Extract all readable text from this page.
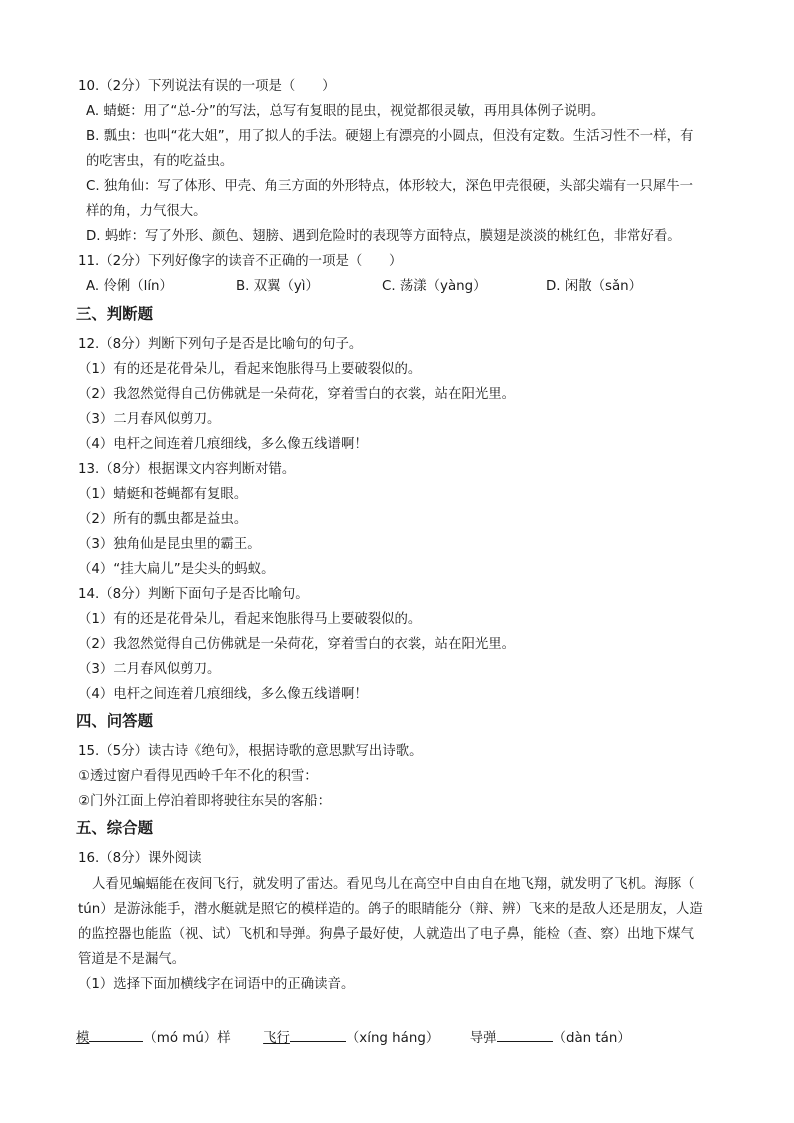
10.（2分）下列说法有误的一项是（　　）
A. 蜻蜓：用了“总-分”的写法，总写有复眼的昆虫，视觉都很灵敏，再用具体例子说明。
B. 瓢虫：也叫“花大姐”，用了拟人的手法。硬翅上有漂亮的小圆点，但没有定数。生活习性不一样，有
的吃害虫，有的吃益虫。
C. 独角仙：写了体形、甲壳、角三方面的外形特点，体形较大，深色甲壳很硬，头部尖端有一只犀牛一
样的角，力气很大。
D. 蚂蚱：写了外形、颜色、翅膀、遇到危险时的表现等方面特点，膜翅是淡淡的桃红色，非常好看。
11.（2分）下列好像字的读音不正确的一项是（　　）
A. 伶俐（lín）	B. 双翼（yì）	C. 荡漾（yàng）	D. 闲散（sǎn）
三、判断题
12.（8分）判断下列句子是否是比喻句的句子。
（1）有的还是花骨朵儿，看起来饱胀得马上要破裂似的。
（2）我忽然觉得自己仿佛就是一朵荷花，穿着雪白的衣裳，站在阳光里。
（3）二月春风似剪刀。
（4）电杆之间连着几痕细线，多么像五线谱啊！
13.（8分）根据课文内容判断对错。
（1）蜻蜓和苍蝇都有复眼。
（2）所有的瓢虫都是益虫。
（3）独角仙是昆虫里的霸王。
（4）“挂大扁儿”是尖头的蚂蚁。
14.（8分）判断下面句子是否比喻句。
（1）有的还是花骨朵儿，看起来饱胀得马上要破裂似的。
（2）我忽然觉得自己仿佛就是一朵荷花，穿着雪白的衣裳，站在阳光里。
（3）二月春风似剪刀。
（4）电杆之间连着几痕细线，多么像五线谱啊！
四、问答题
15.（5分）读古诗《绝句》，根据诗歌的意思默写出诗歌。
①透过窗户看得见西岭千年不化的积雪：
②门外江面上停泊着即将驶往东吴的客船：
五、综合题
16.（8分）课外阅读
人看见蝙蝠能在夜间飞行，就发明了雷达。看见鸟儿在高空中自由自在地飞翔，就发明了飞机。海豚（
tún）是游泳能手，潜水艇就是照它的模样造的。鸽子的眼睛能分（辩、辨）飞来的是敌人还是朋友，人造
的监控器也能监（视、试）飞机和导弹。狗鼻子最好使，人就造出了电子鼻，能检（查、察）出地下煤气
管道是不是漏气。
（1）选择下面加横线字在词语中的正确读音。
模	（mó mú）样 飞行	（xíng háng） 导弹	（dàn tán）
